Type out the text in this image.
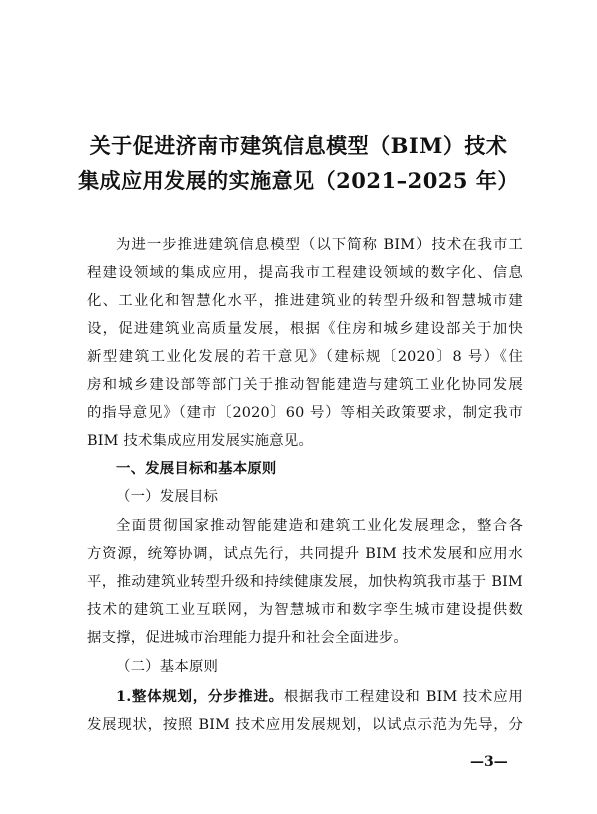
关于促进济南市建筑信息模型（BIM）技术
集成应用发展的实施意见（2021–2025 年）
为进一步推进建筑信息模型（以下简称 BIM）技术在我市工
程建设领域的集成应用，提高我市工程建设领域的数字化、信息
化、工业化和智慧化水平，推进建筑业的转型升级和智慧城市建
设，促进建筑业高质量发展，根据《住房和城乡建设部关于加快
新型建筑工业化发展的若干意见》（建标规〔2020〕8 号）《住
房和城乡建设部等部门关于推动智能建造与建筑工业化协同发展
的指导意见》（建市〔2020〕60 号）等相关政策要求，制定我市
BIM 技术集成应用发展实施意见。
一、发展目标和基本原则
（一）发展目标
全面贯彻国家推动智能建造和建筑工业化发展理念，整合各
方资源，统筹协调，试点先行，共同提升 BIM 技术发展和应用水
平，推动建筑业转型升级和持续健康发展，加快构筑我市基于 BIM
技术的建筑工业互联网，为智慧城市和数字孪生城市建设提供数
据支撑，促进城市治理能力提升和社会全面进步。
（二）基本原则
1.整体规划，分步推进。根据我市工程建设和 BIM 技术应用
发展现状，按照 BIM 技术应用发展规划，以试点示范为先导，分
—3—
